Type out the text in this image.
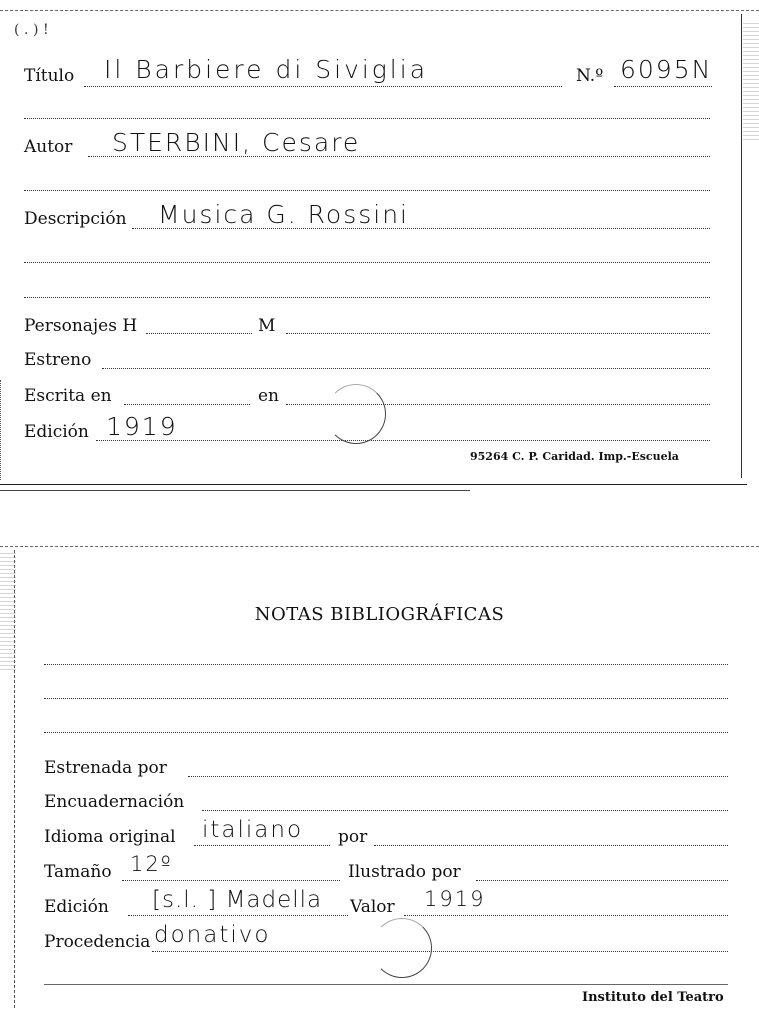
( ․ ) !
Título Il Barbiere di Siviglia	N.º 6095N
Autor STERBINI, Cesare
Descripción Musica G. Rossini
Personajes H	M
Estreno
Escrita en	en
Edición 1919
95264 C. P. Caridad. Imp.-Escuela
NOTAS BIBLIOGRÁFICAS
Estrenada por
Encuadernación
Idioma original italiano por
Tamaño 12º	Ilustrado por
Edición [s.l. ] Madella Valor 1919
Procedencia donativo
Instituto del Teatro
